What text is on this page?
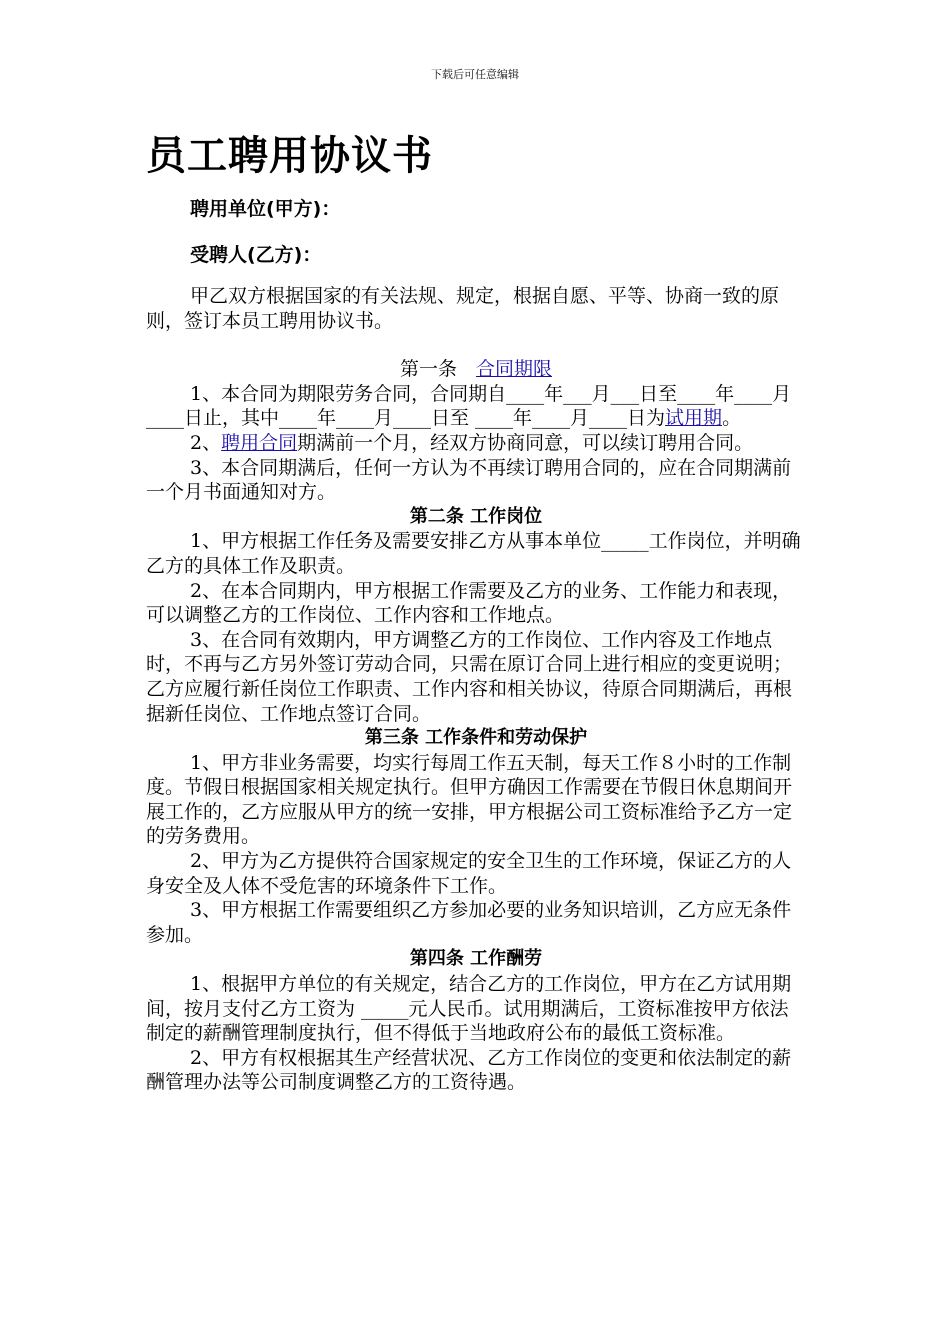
下载后可任意编辑
员工聘用协议书
聘用单位(甲方)：
受聘人(乙方)：

甲乙双方根据国家的有关法规、规定，根据自愿、平等、协商一致的原则，签订本员工聘用协议书。

第一条　合同期限

1、本合同为期限劳务合同，合同期自____年___月___日至____年____月____日止，其中____年____月____日至 ____年____月____日为试用期。

2、聘用合同期满前一个月，经双方协商同意，可以续订聘用合同。

3、本合同期满后，任何一方认为不再续订聘用合同的，应在合同期满前一个月书面通知对方。

第二条 工作岗位

1、甲方根据工作任务及需要安排乙方从事本单位_____工作岗位，并明确乙方的具体工作及职责。

2、在本合同期内，甲方根据工作需要及乙方的业务、工作能力和表现，可以调整乙方的工作岗位、工作内容和工作地点。

3、在合同有效期内，甲方调整乙方的工作岗位、工作内容及工作地点时，不再与乙方另外签订劳动合同，只需在原订合同上进行相应的变更说明；乙方应履行新任岗位工作职责、工作内容和相关协议，待原合同期满后，再根据新任岗位、工作地点签订合同。

第三条 工作条件和劳动保护

1、甲方非业务需要，均实行每周工作五天制，每天工作８小时的工作制度。节假日根据国家相关规定执行。但甲方确因工作需要在节假日休息期间开展工作的，乙方应服从甲方的统一安排，甲方根据公司工资标准给予乙方一定的劳务费用。

2、甲方为乙方提供符合国家规定的安全卫生的工作环境，保证乙方的人身安全及人体不受危害的环境条件下工作。

3、甲方根据工作需要组织乙方参加必要的业务知识培训，乙方应无条件参加。

第四条 工作酬劳

1、根据甲方单位的有关规定，结合乙方的工作岗位，甲方在乙方试用期间，按月支付乙方工资为 _____元人民币。试用期满后，工资标准按甲方依法制定的薪酬管理制度执行，但不得低于当地政府公布的最低工资标准。

2、甲方有权根据其生产经营状况、乙方工作岗位的变更和依法制定的薪酬管理办法等公司制度调整乙方的工资待遇。
